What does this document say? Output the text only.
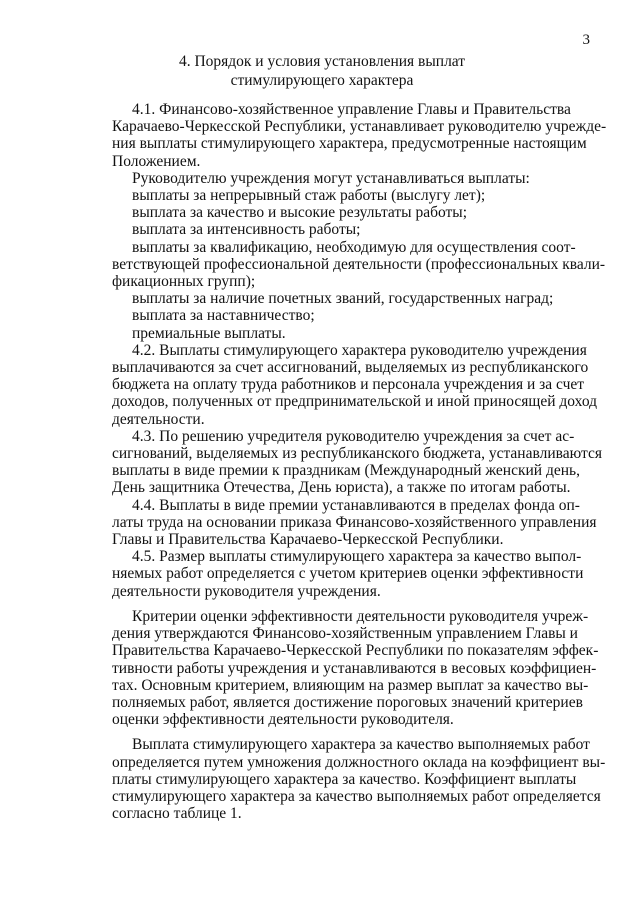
3
4. Порядок и условия установления выплат
стимулирующего характера
4.1. Финансово-хозяйственное управление Главы и Правительства
Карачаево-Черкесской Республики, устанавливает руководителю учрежде-
ния выплаты стимулирующего характера, предусмотренные настоящим
Положением.
Руководителю учреждения могут устанавливаться выплаты:
выплаты за непрерывный стаж работы (выслугу лет);
выплата за качество и высокие результаты работы;
выплата за интенсивность работы;
выплаты за квалификацию, необходимую для осуществления соот-
ветствующей профессиональной деятельности (профессиональных квали-
фикационных групп);
выплаты за наличие почетных званий, государственных наград;
выплата за наставничество;
премиальные выплаты.
4.2. Выплаты стимулирующего характера руководителю учреждения
выплачиваются за счет ассигнований, выделяемых из республиканского
бюджета на оплату труда работников и персонала учреждения и за счет
доходов, полученных от предпринимательской и иной приносящей доход
деятельности.
4.3. По решению учредителя руководителю учреждения за счет ас-
сигнований, выделяемых из республиканского бюджета, устанавливаются
выплаты в виде премии к праздникам (Международный женский день,
День защитника Отечества, День юриста), а также по итогам работы.
4.4. Выплаты в виде премии устанавливаются в пределах фонда оп-
латы труда на основании приказа Финансово-хозяйственного управления
Главы и Правительства Карачаево-Черкесской Республики.
4.5. Размер выплаты стимулирующего характера за качество выпол-
няемых работ определяется с учетом критериев оценки эффективности
деятельности руководителя учреждения.
Критерии оценки эффективности деятельности руководителя учреж-
дения утверждаются Финансово-хозяйственным управлением Главы и
Правительства Карачаево-Черкесской Республики по показателям эффек-
тивности работы учреждения и устанавливаются в весовых коэффициен-
тах. Основным критерием, влияющим на размер выплат за качество вы-
полняемых работ, является достижение пороговых значений критериев
оценки эффективности деятельности руководителя.
Выплата стимулирующего характера за качество выполняемых работ
определяется путем умножения должностного оклада на коэффициент вы-
платы стимулирующего характера за качество. Коэффициент выплаты
стимулирующего характера за качество выполняемых работ определяется
согласно таблице 1.
